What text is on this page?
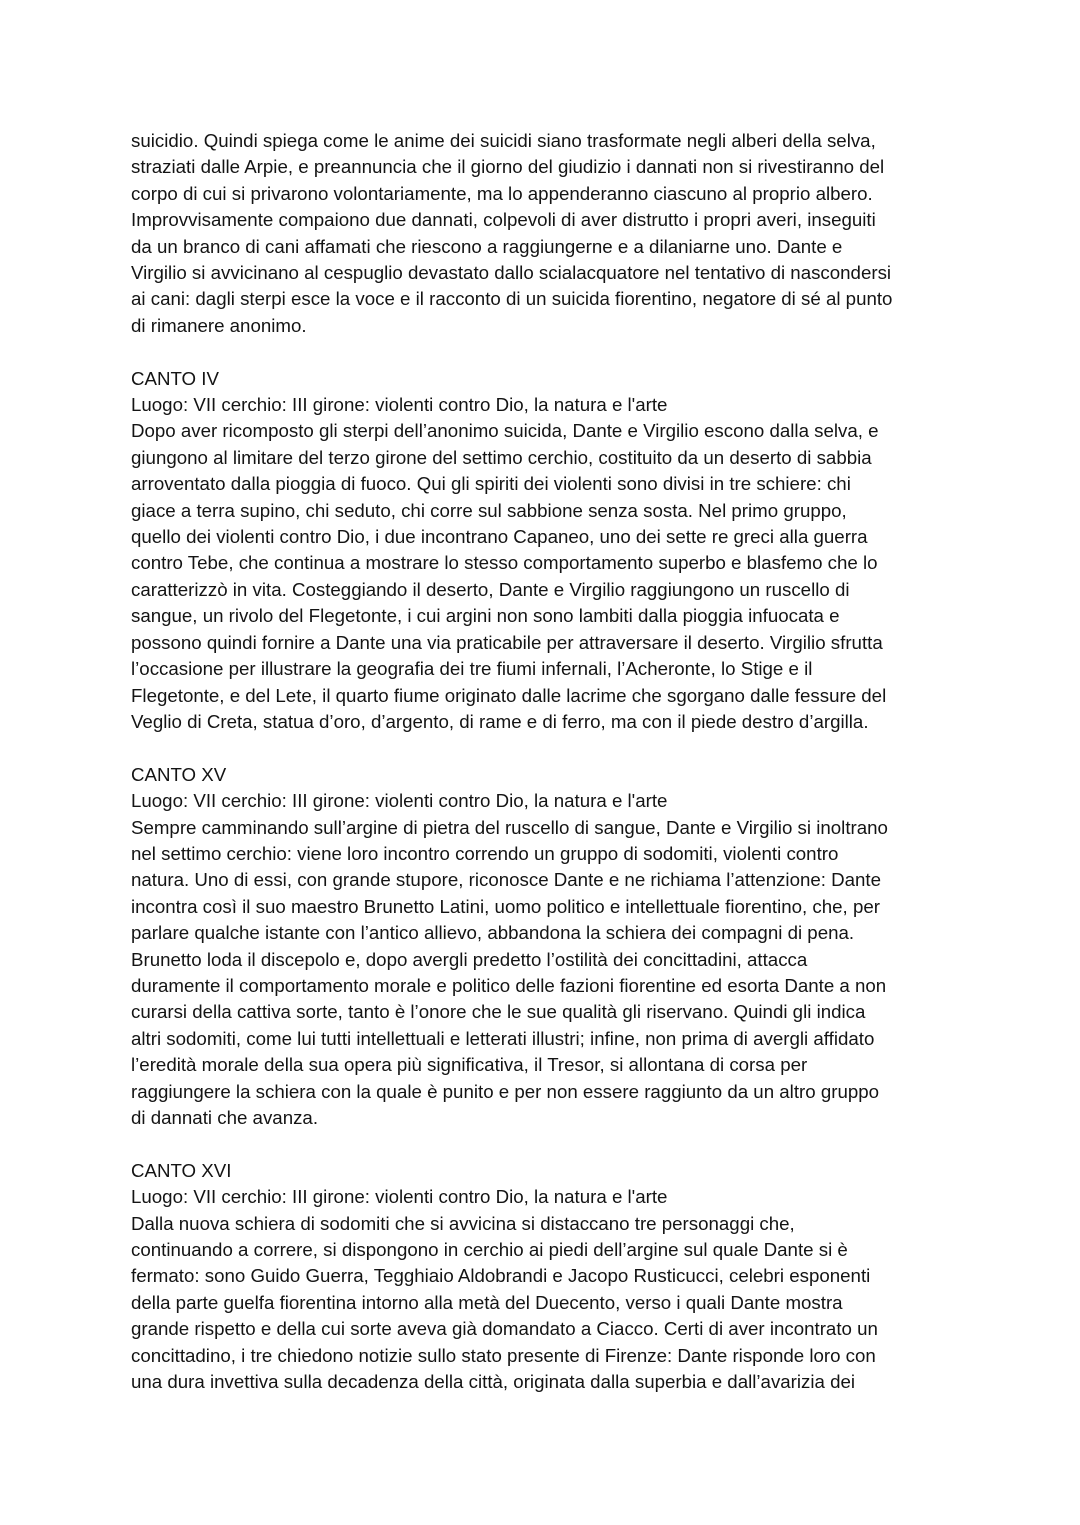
suicidio. Quindi spiega come le anime dei suicidi siano trasformate negli alberi della selva,
straziati dalle Arpie, e preannuncia che il giorno del giudizio i dannati non si rivestiranno del
corpo di cui si privarono volontariamente, ma lo appenderanno ciascuno al proprio albero.
Improvvisamente compaiono due dannati, colpevoli di aver distrutto i propri averi, inseguiti
da un branco di cani affamati che riescono a raggiungerne e a dilaniarne uno. Dante e
Virgilio si avvicinano al cespuglio devastato dallo scialacquatore nel tentativo di nascondersi
ai cani: dagli sterpi esce la voce e il racconto di un suicida fiorentino, negatore di sé al punto
di rimanere anonimo.

CANTO IV
Luogo: VII cerchio: III girone: violenti contro Dio, la natura e l'arte

Dopo aver ricomposto gli sterpi dell’anonimo suicida, Dante e Virgilio escono dalla selva, e
giungono al limitare del terzo girone del settimo cerchio, costituito da un deserto di sabbia
arroventato dalla pioggia di fuoco. Qui gli spiriti dei violenti sono divisi in tre schiere: chi
giace a terra supino, chi seduto, chi corre sul sabbione senza sosta. Nel primo gruppo,
quello dei violenti contro Dio, i due incontrano Capaneo, uno dei sette re greci alla guerra
contro Tebe, che continua a mostrare lo stesso comportamento superbo e blasfemo che lo
caratterizzò in vita. Costeggiando il deserto, Dante e Virgilio raggiungono un ruscello di
sangue, un rivolo del Flegetonte, i cui argini non sono lambiti dalla pioggia infuocata e
possono quindi fornire a Dante una via praticabile per attraversare il deserto. Virgilio sfrutta
l’occasione per illustrare la geografia dei tre fiumi infernali, l’Acheronte, lo Stige e il
Flegetonte, e del Lete, il quarto fiume originato dalle lacrime che sgorgano dalle fessure del
Veglio di Creta, statua d’oro, d’argento, di rame e di ferro, ma con il piede destro d’argilla.

CANTO XV
Luogo: VII cerchio: III girone: violenti contro Dio, la natura e l'arte

Sempre camminando sull’argine di pietra del ruscello di sangue, Dante e Virgilio si inoltrano
nel settimo cerchio: viene loro incontro correndo un gruppo di sodomiti, violenti contro
natura. Uno di essi, con grande stupore, riconosce Dante e ne richiama l’attenzione: Dante
incontra così il suo maestro Brunetto Latini, uomo politico e intellettuale fiorentino, che, per
parlare qualche istante con l’antico allievo, abbandona la schiera dei compagni di pena.
Brunetto loda il discepolo e, dopo avergli predetto l’ostilità dei concittadini, attacca
duramente il comportamento morale e politico delle fazioni fiorentine ed esorta Dante a non
curarsi della cattiva sorte, tanto è l’onore che le sue qualità gli riservano. Quindi gli indica
altri sodomiti, come lui tutti intellettuali e letterati illustri; infine, non prima di avergli affidato
l’eredità morale della sua opera più significativa, il Tresor, si allontana di corsa per
raggiungere la schiera con la quale è punito e per non essere raggiunto da un altro gruppo
di dannati che avanza.

CANTO XVI
Luogo: VII cerchio: III girone: violenti contro Dio, la natura e l'arte

Dalla nuova schiera di sodomiti che si avvicina si distaccano tre personaggi che,
continuando a correre, si dispongono in cerchio ai piedi dell’argine sul quale Dante si è
fermato: sono Guido Guerra, Tegghiaio Aldobrandi e Jacopo Rusticucci, celebri esponenti
della parte guelfa fiorentina intorno alla metà del Duecento, verso i quali Dante mostra
grande rispetto e della cui sorte aveva già domandato a Ciacco. Certi di aver incontrato un
concittadino, i tre chiedono notizie sullo stato presente di Firenze: Dante risponde loro con
una dura invettiva sulla decadenza della città, originata dalla superbia e dall’avarizia dei
